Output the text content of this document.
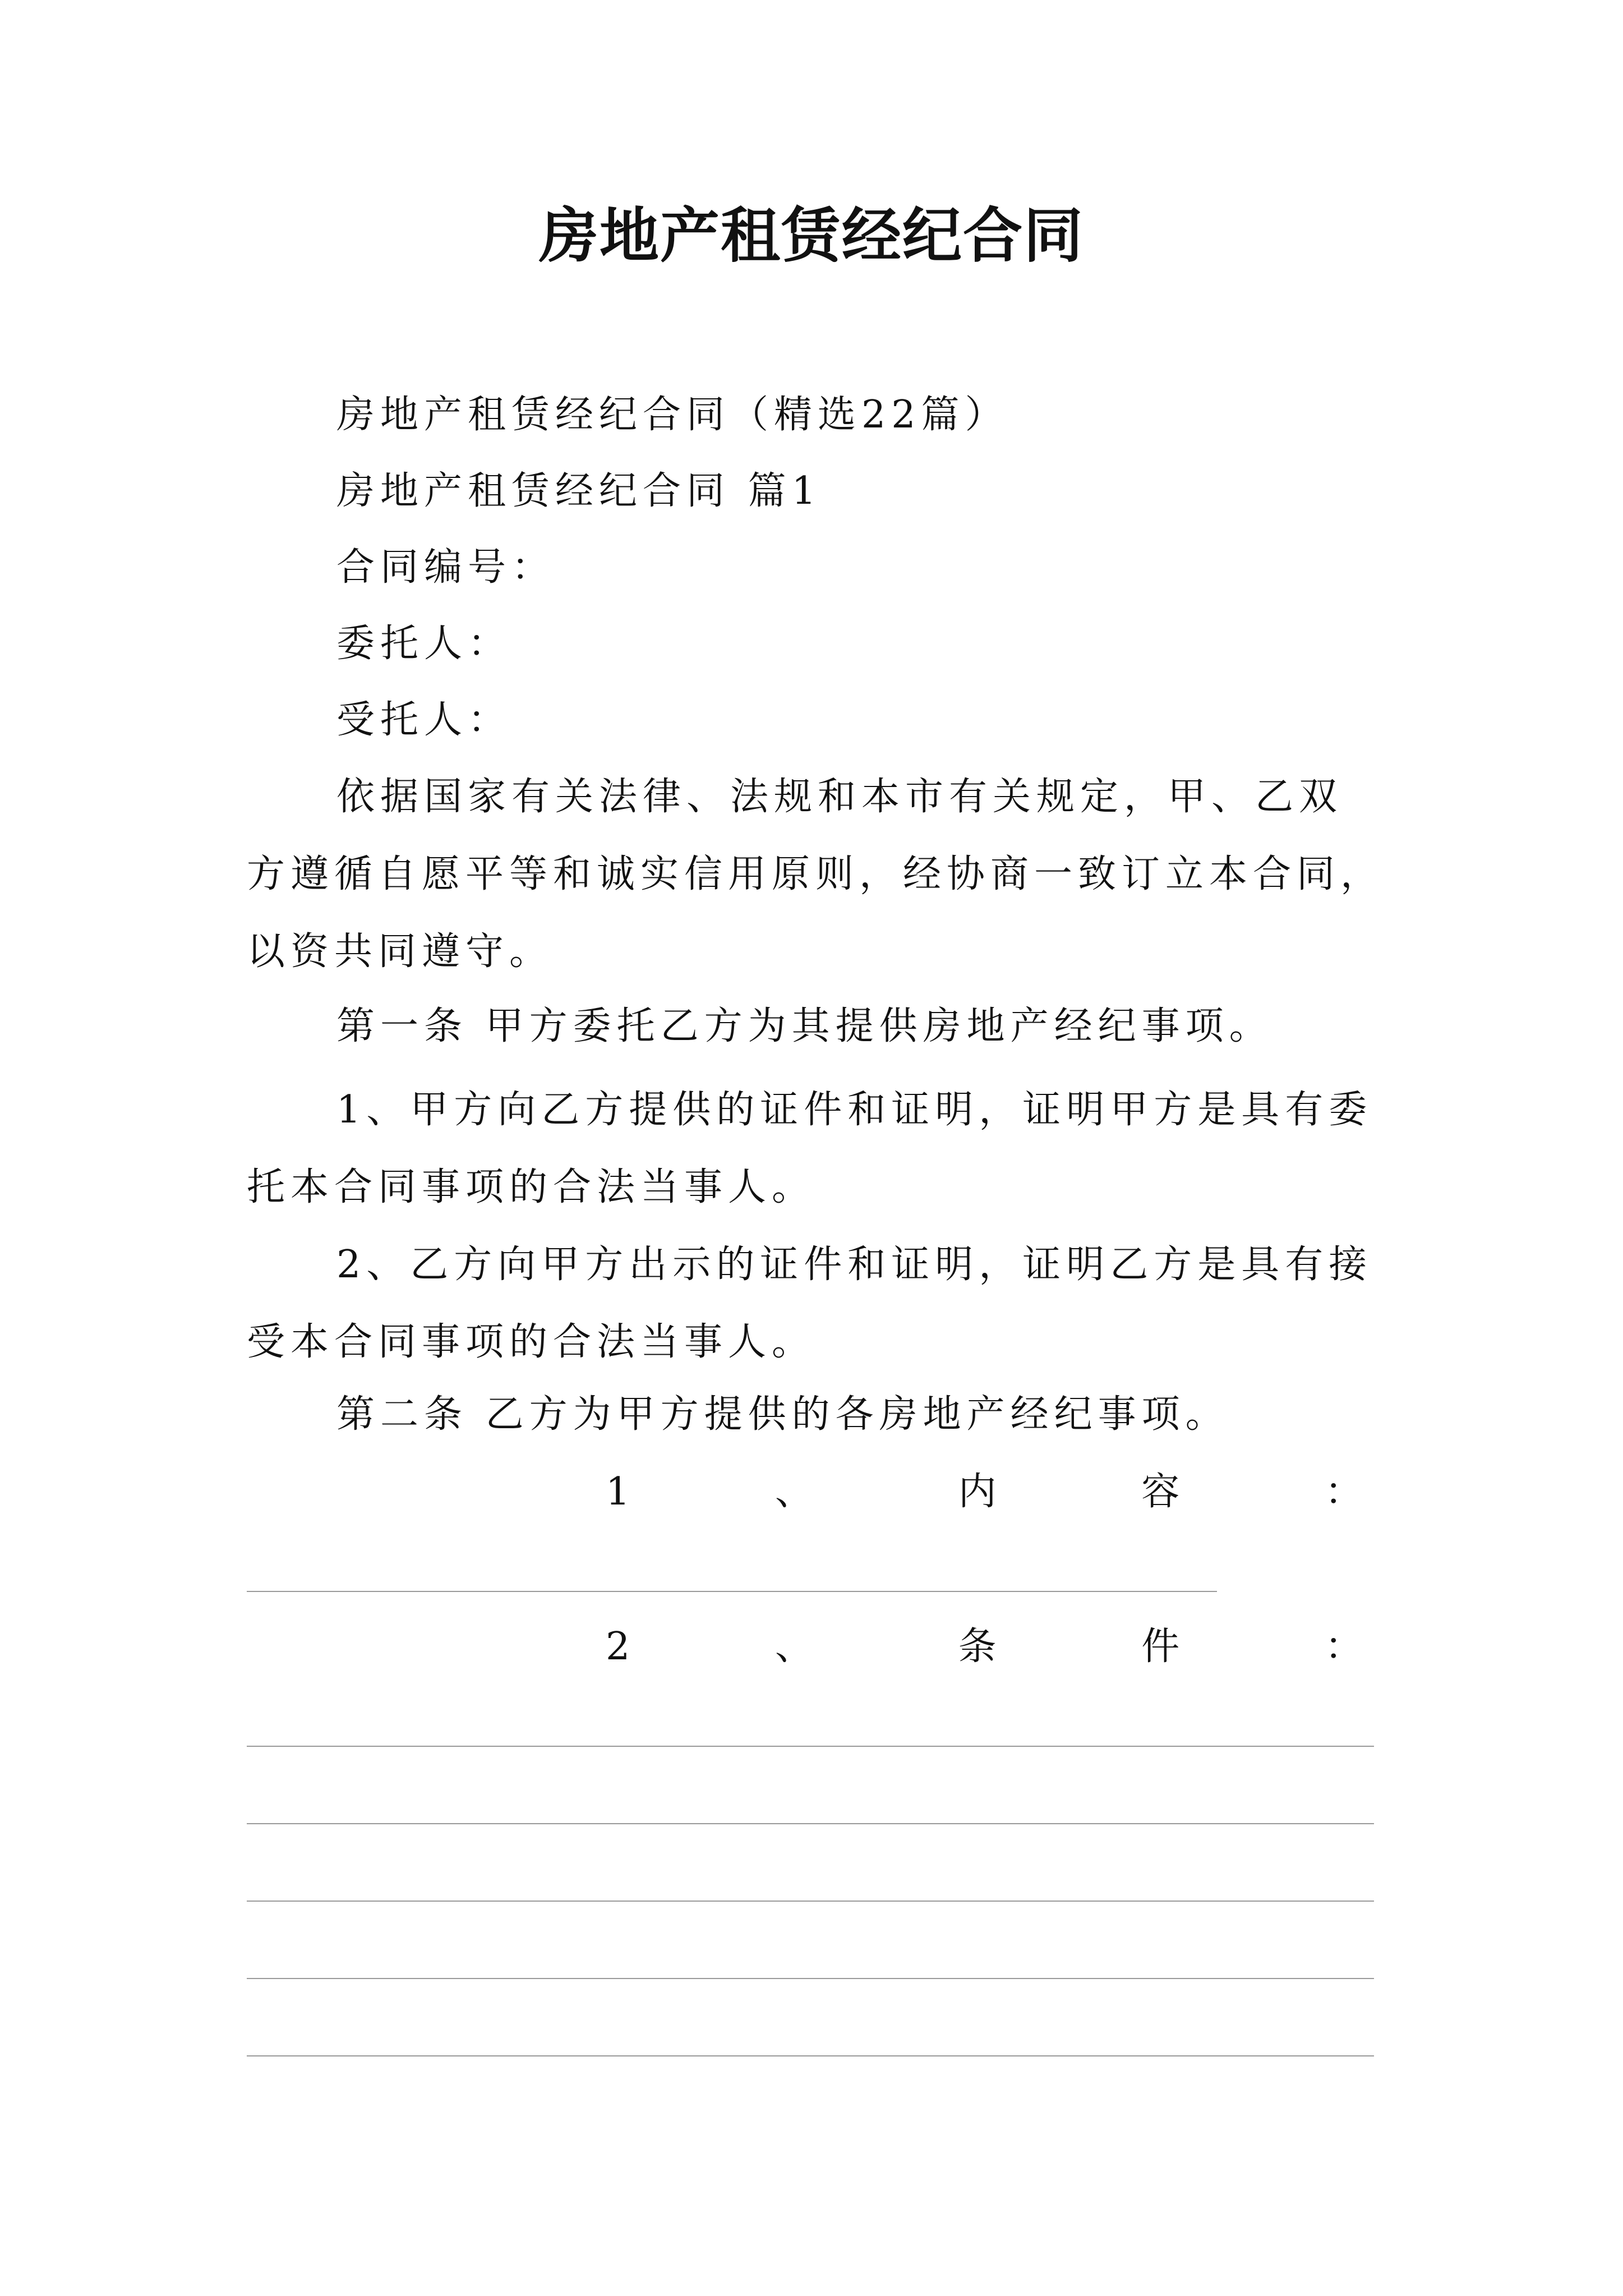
房地产租赁经纪合同
房地产租赁经纪合同（精选22篇）
房地产租赁经纪合同 篇1
合同编号：
委托人：
受托人：
依据国家有关法律、法规和本市有关规定，甲、乙双方遵循自愿平等和诚实信用原则，经协商一致订立本合同，以资共同遵守。
第一条 甲方委托乙方为其提供房地产经纪事项。
1、甲方向乙方提供的证件和证明，证明甲方是具有委托本合同事项的合法当事人。
2、乙方向甲方出示的证件和证明，证明乙方是具有接受本合同事项的合法当事人。
第二条 乙方为甲方提供的各房地产经纪事项。
1	、	内	容	：
2	、	条	件	：
